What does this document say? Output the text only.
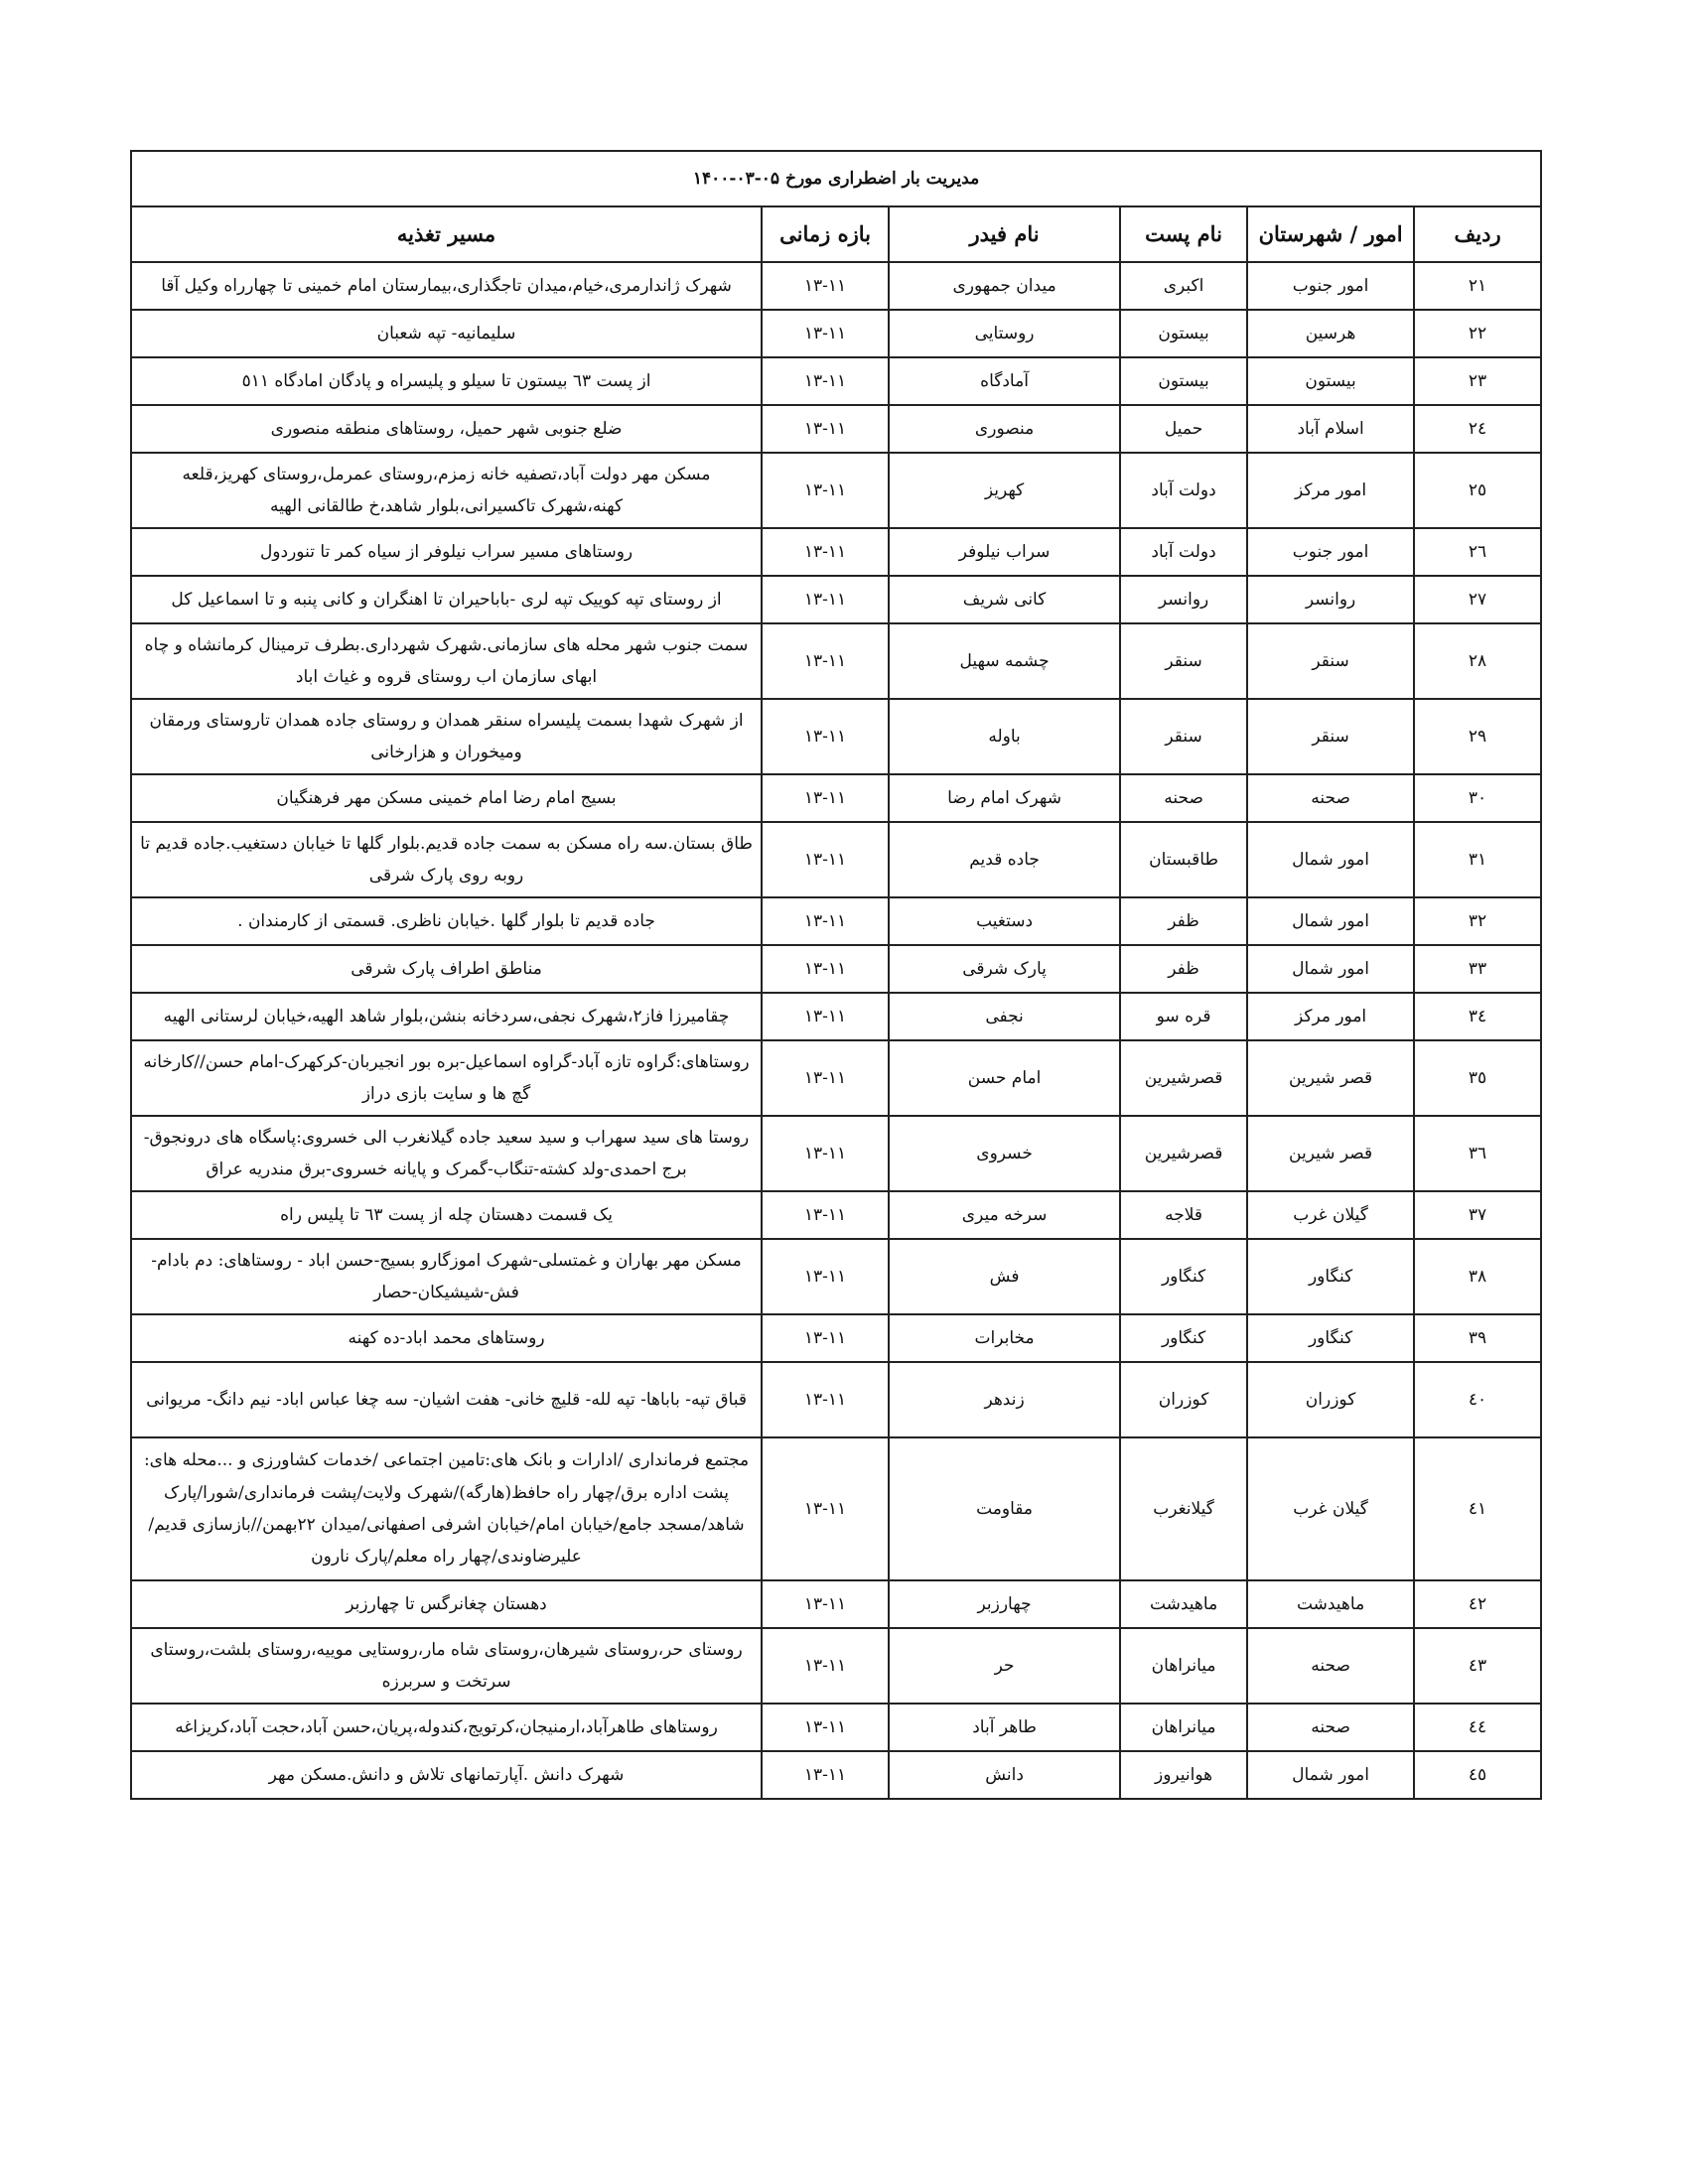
مدیریت بار اضطراری مورخ ۰۵-۰۳-۱۴۰۰					
ردیف	امور / شهرستان	نام پست	نام فیدر	بازه زمانی	مسیر تغذیه
۲۱	امور جنوب	اکبری	میدان جمهوری	۱۳-۱۱	شهرک ژاندارمری،خیام،میدان تاجگذاری،بیمارستان امام خمینی تا چهارراه وکیل آقا
۲۲	هرسین	بیستون	روستایی	۱۳-۱۱	سلیمانیه- تپه شعبان
۲۳	بیستون	بیستون	آمادگاه	۱۳-۱۱	از پست ٦٣ بیستون تا سیلو و پلیسراه و پادگان امادگاه ٥١١
۲٤	اسلام آباد	حمیل	منصوری	۱۳-۱۱	ضلع جنوبی شهر حمیل، روستاهای منطقه منصوری
۲٥	امور مرکز	دولت آباد	کهریز	۱۳-۱۱	مسکن مهر دولت آباد،تصفیه خانه زمزم،روستای عمرمل،روستای کهریز،قلعه کهنه،شهرک تاکسیرانی،بلوار شاهد،خ طالقانی الهیه
۲٦	امور جنوب	دولت آباد	سراب نیلوفر	۱۳-۱۱	روستاهای مسیر سراب نیلوفر از سیاه کمر تا تنوردول
۲۷	روانسر	روانسر	کانی شریف	۱۳-۱۱	از روستای تپه کوییک تپه لری -باباحیران تا اهنگران و کانی پنبه و تا اسماعیل کل
۲۸	سنقر	سنقر	چشمه سهیل	۱۳-۱۱	سمت جنوب شهر محله های سازمانی.شهرک شهرداری.بطرف ترمینال کرمانشاه و چاه ابهای سازمان اب روستای قروه و غیاث اباد
۲۹	سنقر	سنقر	باوله	۱۳-۱۱	از شهرک شهدا بسمت پلیسراه سنقر همدان و روستای جاده همدان تاروستای ورمقان ومیخوران و هزارخانی
۳۰	صحنه	صحنه	شهرک امام رضا	۱۳-۱۱	بسیج امام رضا امام خمینی مسکن مهر فرهنگیان
۳۱	امور شمال	طاقبستان	جاده قدیم	۱۳-۱۱	طاق بستان.سه راه مسکن به سمت جاده قدیم.بلوار گلها تا خیابان دستغیب.جاده قدیم تا روبه روی پارک شرقی
۳۲	امور شمال	ظفر	دستغیب	۱۳-۱۱	جاده قدیم تا بلوار گلها .خیابان ناظری. قسمتی از کارمندان .
۳۳	امور شمال	ظفر	پارک شرقی	۱۳-۱۱	مناطق اطراف پارک شرقی
۳٤	امور مرکز	قره سو	نجفی	۱۳-۱۱	چقامیرزا فاز۲،شهرک نجفی،سردخانه بنشن،بلوار شاهد الهیه،خیابان لرستانی الهیه
۳٥	قصر شیرین	قصرشیرین	امام حسن	۱۳-۱۱	روستاهای:گراوه تازه آباد-گراوه اسماعیل-بره بور انجیربان-کرکهرک-امام حسن//کارخانه گچ ها و سایت بازی دراز
۳٦	قصر شیرین	قصرشیرین	خسروی	۱۳-۱۱	روستا های سید سهراب و سید سعید جاده گیلانغرب الی خسروی:پاسگاه های درونجوق-برج احمدی-ولد کشته-تنگاب-گمرک و پایانه خسروی-برق مندریه عراق
۳۷	گیلان غرب	قلاجه	سرخه میری	۱۳-۱۱	یک قسمت دهستان چله از پست ٦٣ تا پلیس راه
۳۸	کنگاور	کنگاور	فش	۱۳-۱۱	مسکن مهر بهاران و غمتسلی-شهرک اموزگارو بسیج-حسن اباد - روستاهای: دم بادام-فش-شیشیکان-حصار
۳۹	کنگاور	کنگاور	مخابرات	۱۳-۱۱	روستاهای محمد اباد-ده کهنه
٤۰	کوزران	کوزران	زندهر	۱۳-۱۱	قباق تپه- باباها- تپه لله- قلیچ خانی- هفت اشیان- سه چغا عباس اباد- نیم دانگ- مریوانی
٤۱	گیلان غرب	گیلانغرب	مقاومت	۱۳-۱۱	مجتمع فرمانداری /ادارات و بانک های:تامین اجتماعی /خدمات کشاورزی و ...محله های: پشت اداره برق/چهار راه حافظ(هارگه)/شهرک ولایت/پشت فرمانداری/شورا/پارک شاهد/مسجد جامع/خیابان امام/خیابان اشرفی اصفهانی/میدان ۲۲بهمن//بازسازی قدیم/علیرضاوندی/چهار راه معلم/پارک نارون
٤۲	ماهیدشت	ماهیدشت	چهارزبر	۱۳-۱۱	دهستان چغانرگس تا چهارزبر
٤۳	صحنه	میانراهان	حر	۱۳-۱۱	روستای حر،روستای شیرهان،روستای شاه مار،روستایی موییه،روستای بلشت،روستای سرتخت و سربرزه
٤٤	صحنه	میانراهان	طاهر آباد	۱۳-۱۱	روستاهای طاهرآباد،ارمنیجان،کرتویج،کندوله،پریان،حسن آباد،حجت آباد،کریزاغه
٤٥	امور شمال	هوانیروز	دانش	۱۳-۱۱	شهرک دانش .آپارتمانهای تلاش و دانش.مسکن مهر
